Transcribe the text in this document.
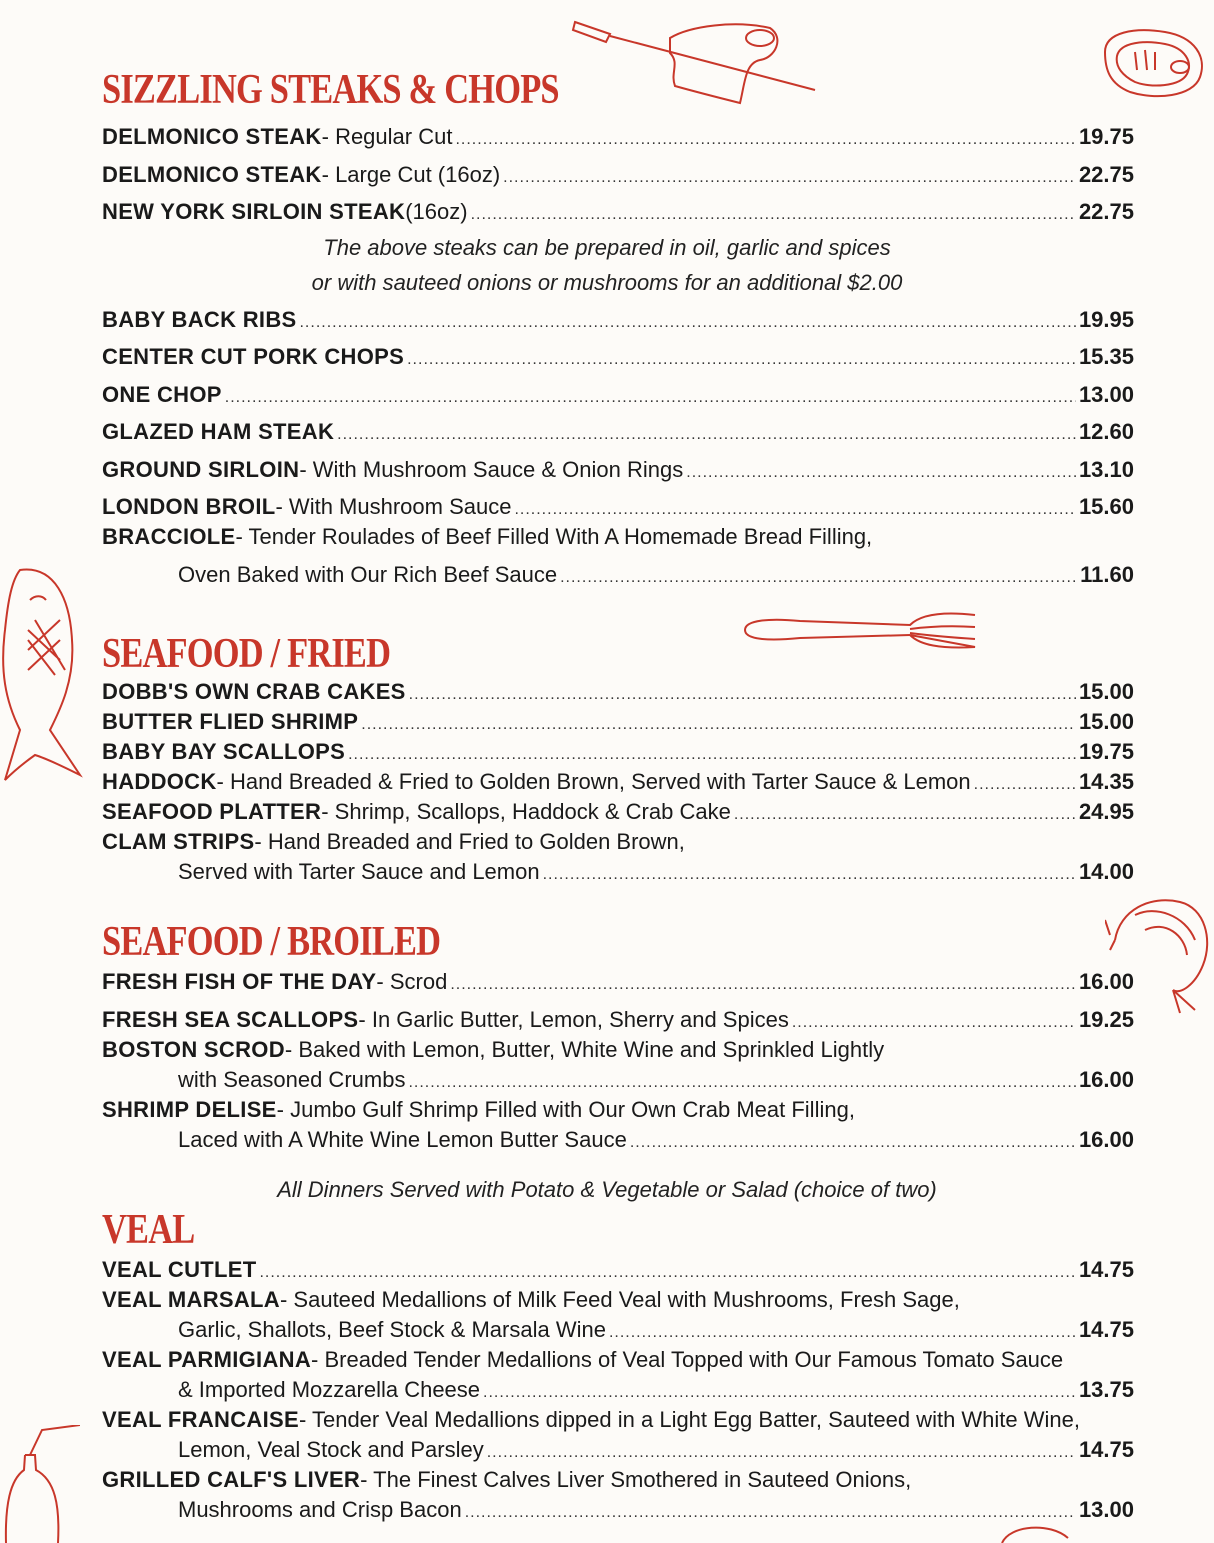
SIZZLING STEAKS & CHOPS
DELMONICO STEAK - Regular Cut .....	19.75
DELMONICO STEAK - Large Cut (16oz) .....	22.75
NEW YORK SIRLOIN STEAK (16oz) .....	22.75
The above steaks can be prepared in oil, garlic and spices
or with sauteed onions or mushrooms for an additional $2.00
BABY BACK RIBS .....	19.95
CENTER CUT PORK CHOPS .....	15.35
ONE CHOP .....	13.00
GLAZED HAM STEAK .....	12.60
GROUND SIRLOIN - With Mushroom Sauce & Onion Rings .....	13.10
LONDON BROIL - With Mushroom Sauce .....	15.60
BRACCIOLE - Tender Roulades of Beef Filled With A Homemade Bread Filling,
Oven Baked with Our Rich Beef Sauce .....	11.60
SEAFOOD / FRIED
DOBB'S OWN CRAB CAKES .....	15.00
BUTTER FLIED SHRIMP .....	15.00
BABY BAY SCALLOPS .....	19.75
HADDOCK - Hand Breaded & Fried to Golden Brown, Served with Tarter Sauce & Lemon .....	14.35
SEAFOOD PLATTER - Shrimp, Scallops, Haddock & Crab Cake .....	24.95
CLAM STRIPS - Hand Breaded and Fried to Golden Brown,
Served with Tarter Sauce and Lemon .....	14.00
SEAFOOD / BROILED
FRESH FISH OF THE DAY - Scrod .....	16.00
FRESH SEA SCALLOPS - In Garlic Butter, Lemon, Sherry and Spices .....	19.25
BOSTON SCROD - Baked with Lemon, Butter, White Wine and Sprinkled Lightly
with Seasoned Crumbs .....	16.00
SHRIMP DELISE - Jumbo Gulf Shrimp Filled with Our Own Crab Meat Filling,
Laced with A White Wine Lemon Butter Sauce .....	16.00
All Dinners Served with Potato & Vegetable or Salad (choice of two)
VEAL
VEAL CUTLET .....	14.75
VEAL MARSALA - Sauteed Medallions of Milk Feed Veal with Mushrooms, Fresh Sage,
Garlic, Shallots, Beef Stock & Marsala Wine .....	14.75
VEAL PARMIGIANA - Breaded Tender Medallions of Veal Topped with Our Famous Tomato Sauce
& Imported Mozzarella Cheese .....	13.75
VEAL FRANCAISE - Tender Veal Medallions dipped in a Light Egg Batter, Sauteed with White Wine,
Lemon, Veal Stock and Parsley .....	14.75
GRILLED CALF'S LIVER - The Finest Calves Liver Smothered in Sauteed Onions,
Mushrooms and Crisp Bacon .....	13.00
